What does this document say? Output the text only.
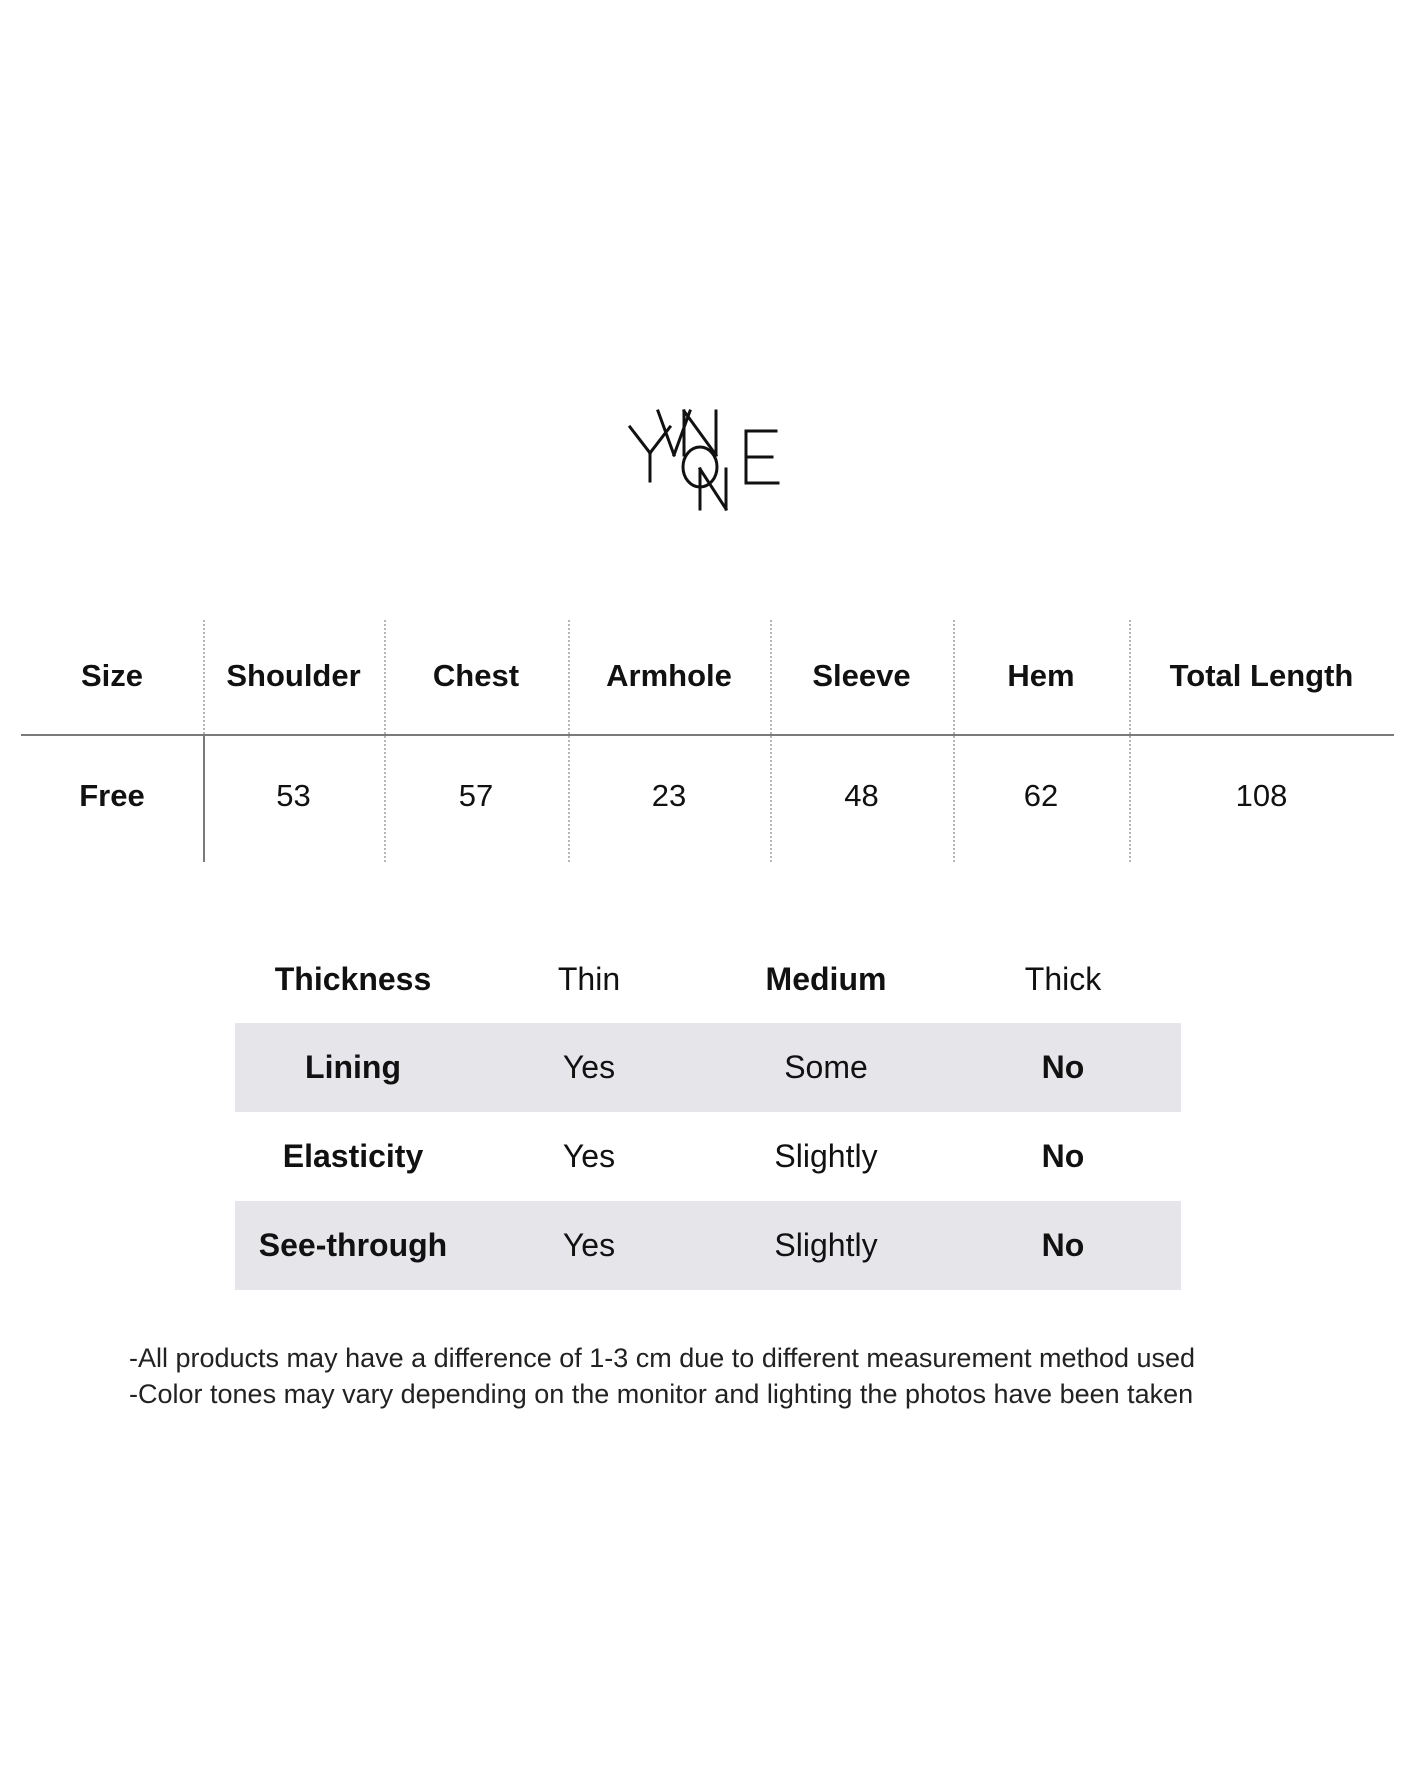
Size	Shoulder	Chest	Armhole	Sleeve	Hem	Total Length
Free	53	57	23	48	62	108
Thickness	Thin	Medium	Thick
Lining	Yes	Some	No
Elasticity	Yes	Slightly	No
See-through	Yes	Slightly	No

-All products may have a difference of 1-3 cm due to different measurement method used

-Color tones may vary depending on the monitor and lighting the photos have been taken
